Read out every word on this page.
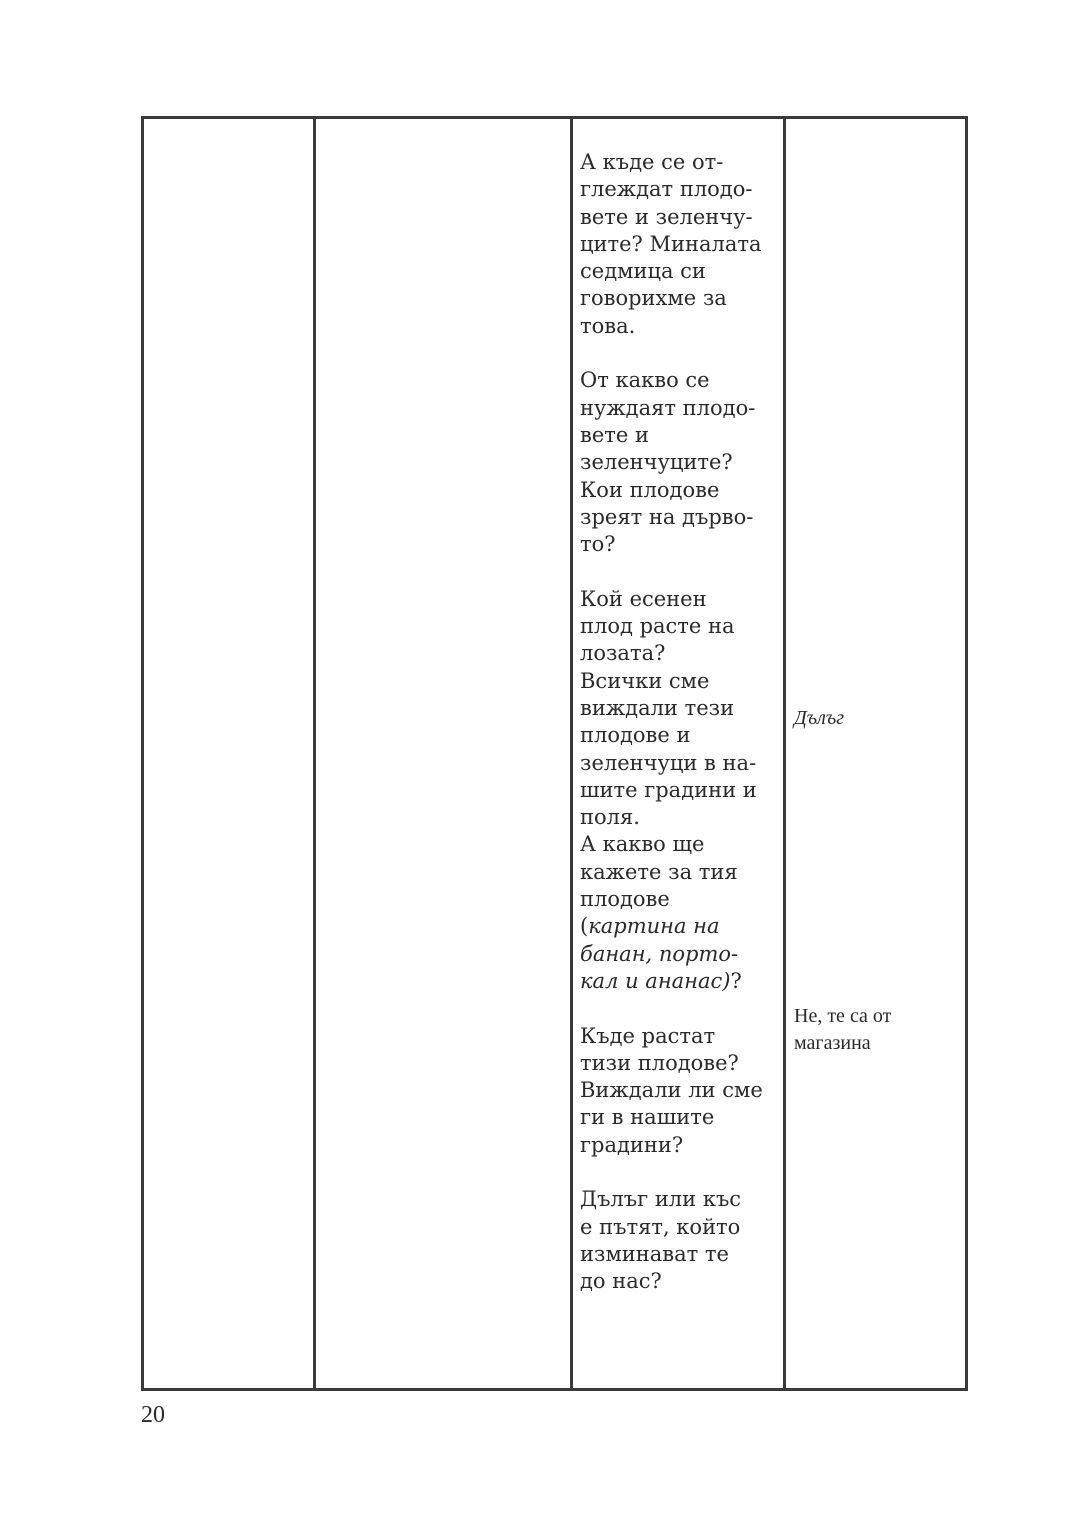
А къде се от-
глеждат плодо-
вете и зеленчу-
ците? Миналата
седмица си
говорихме за
това.
От какво се
нуждаят плодо-
вете и
зеленчуците?
Кои плодове
зреят на дърво-
то?
Кой есенен
плод расте на
лозата?
Всички сме
виждали тези
плодове и
зеленчуци в на-
шите градини и
поля.
А какво ще
кажете за тия
плодове
(картина на
банан, порто-
кал и ананас)?
Къде растат
тизи плодове?
Виждали ли сме
ги в нашите
градини?
Дълъг или къс
е пътят, който
изминават те
до нас?
Дълъг
Не, те са от
магазина
20
